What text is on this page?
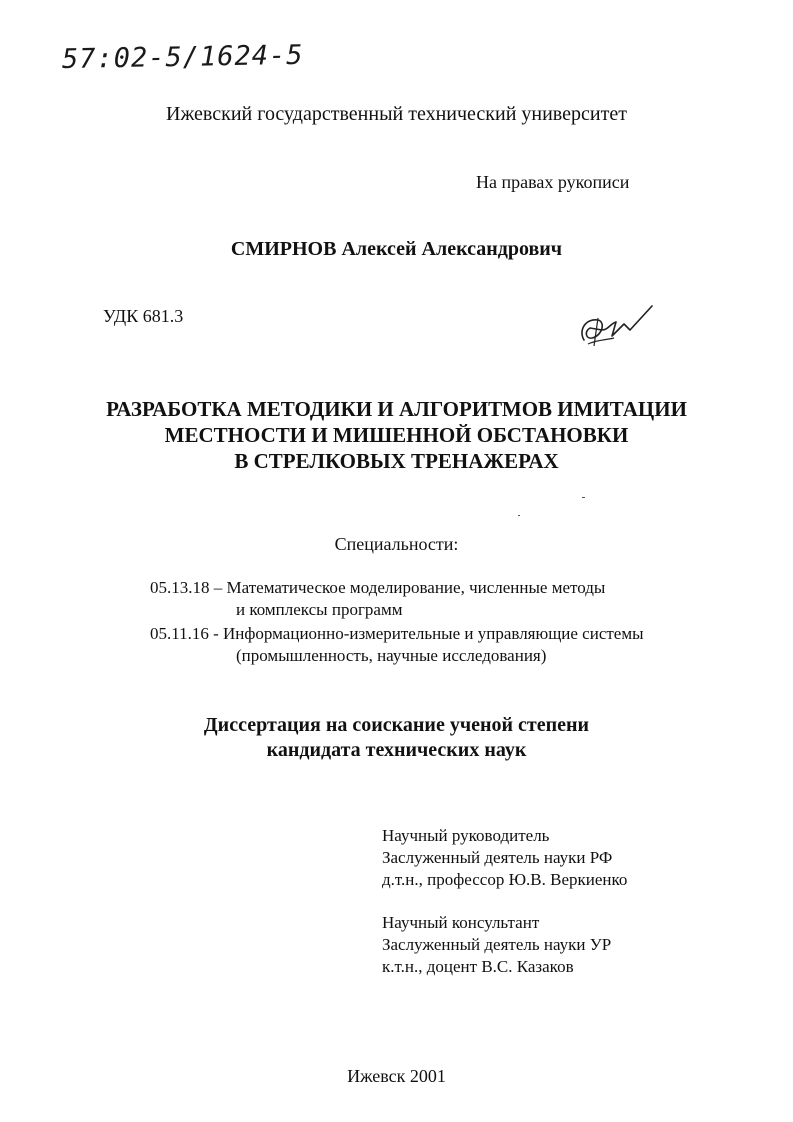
57:02-5/1624-5
Ижевский государственный технический университет
На правах рукописи
СМИРНОВ Алексей Александрович
УДК 681.3
РАЗРАБОТКА МЕТОДИКИ И АЛГОРИТМОВ ИМИТАЦИИ
МЕСТНОСТИ И МИШЕННОЙ ОБСТАНОВКИ
В СТРЕЛКОВЫХ ТРЕНАЖЕРАХ
Специальности:
05.13.18 – Математическое моделирование, численные методы
и комплексы программ
05.11.16 - Информационно-измерительные и управляющие системы
(промышленность, научные исследования)
Диссертация на соискание ученой степени
кандидата технических наук
Научный руководитель
Заслуженный деятель науки РФ
д.т.н., профессор Ю.В. Веркиенко
Научный консультант
Заслуженный деятель науки УР
к.т.н., доцент В.С. Казаков
Ижевск 2001
